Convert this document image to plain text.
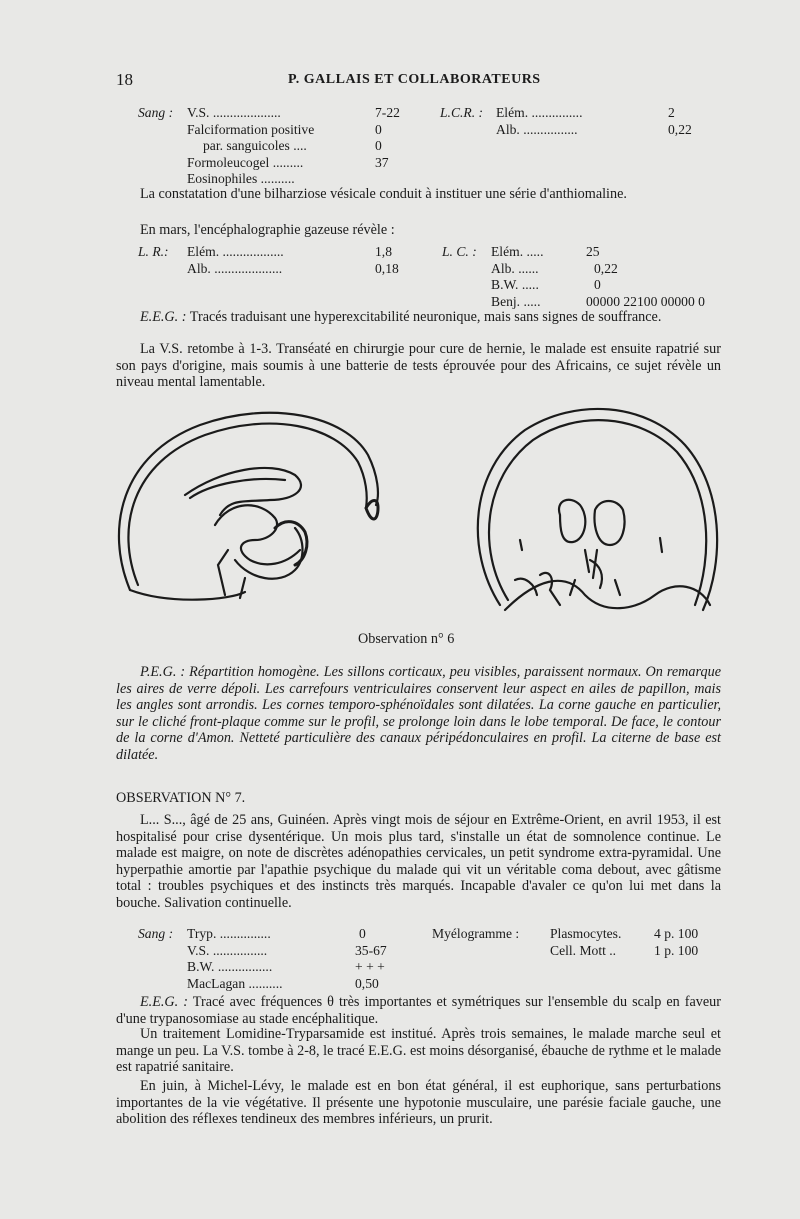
18	P. GALLAIS ET COLLABORATEURS
Sang : V.S. ....................
Falciformation positive
par. sanguicoles ....
Formoleucogel .........
Eosinophiles ..........
7-22
0
0
37
L.C.R. : Elém. ...............
Alb. ................
2
0,22
La constatation d'une bilharziose vésicale conduit à instituer une série d'anthiomaline.
En mars, l'encéphalographie gazeuse révèle :
L. R.: Elém. ..................
Alb. ....................
1,8
0,18
L. C. : Elém. .....
Alb. ......
B.W. .....
Benj. .....
25
0,22
0
00000 22100 00000 0
E.E.G. : Tracés traduisant une hyperexcitabilité neuronique, mais sans signes de souffrance.
La V.S. retombe à 1-3. Transéaté en chirurgie pour cure de hernie, le malade est ensuite rapatrié sur son pays d'origine, mais soumis à une batterie de tests éprouvée pour des Africains, ce sujet révèle un niveau mental lamentable.
Observation n° 6
P.E.G. : Répartition homogène. Les sillons corticaux, peu visibles, paraissent normaux. On remarque les aires de verre dépoli. Les carrefours ventriculaires conservent leur aspect en ailes de papillon, mais les angles sont arrondis. Les cornes temporo-sphénoïdales sont dilatées. La corne gauche en particulier, sur le cliché front-plaque comme sur le profil, se prolonge loin dans le lobe temporal. De face, le contour de la corne d'Amon. Netteté particulière des canaux péripédonculaires en profil. La citerne de base est dilatée.
OBSERVATION N° 7.
L... S..., âgé de 25 ans, Guinéen. Après vingt mois de séjour en Extrême-Orient, en avril 1953, il est hospitalisé pour crise dysentérique. Un mois plus tard, s'installe un état de somnolence continue. Le malade est maigre, on note de discrètes adénopathies cervicales, un petit syndrome extra-pyramidal. Une hyperpathie amortie par l'apathie psychique du malade qui vit un véritable coma debout, avec gâtisme total : troubles psychiques et des instincts très marqués. Incapable d'avaler ce qu'on lui met dans la bouche. Salivation continuelle.
Sang : Tryp. ...............
V.S. ................
B.W. ................
MacLagan ..........
0
35-67
+ + +
0,50
Myélogramme : Plasmocytes.
Cell. Mott ..
4 p. 100
1 p. 100
E.E.G. : Tracé avec fréquences θ très importantes et symétriques sur l'ensemble du scalp en faveur d'une trypanosomiase au stade encéphalitique.
Un traitement Lomidine-Tryparsamide est institué. Après trois semaines, le malade marche seul et mange un peu. La V.S. tombe à 2-8, le tracé E.E.G. est moins désorganisé, ébauche de rythme et le malade est rapatrié sanitaire.
En juin, à Michel-Lévy, le malade est en bon état général, il est euphorique, sans perturbations importantes de la vie végétative. Il présente une hypotonie musculaire, une parésie faciale gauche, une abolition des réflexes tendineux des membres inférieurs, un prurit.
